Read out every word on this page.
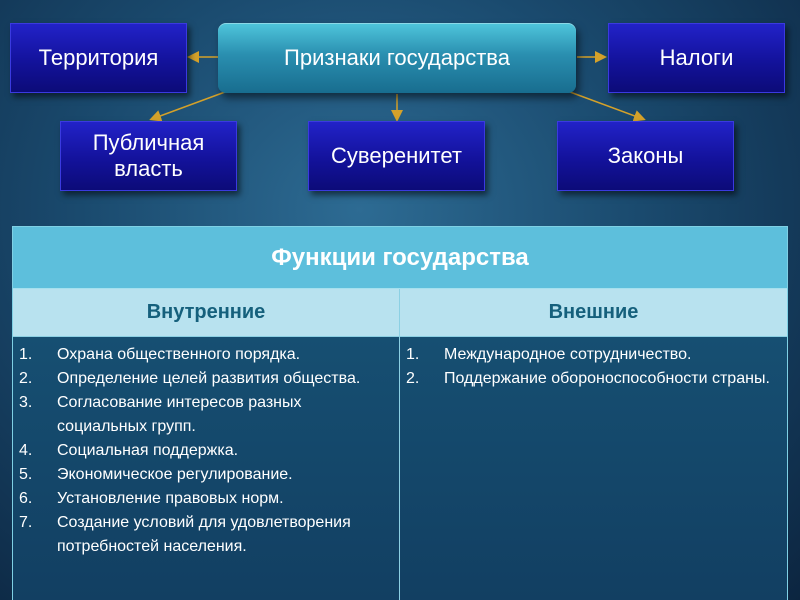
Признаки государства
Территория	Налоги
Публичная
власть
Суверенитет	Законы
Функции государства
Внутренние	Внешние
1.	Охрана общественного порядка.
2.	Определение целей развития общества.
3.	Согласование интересов разных социальных групп.
4.	Социальная поддержка.
5.	Экономическое регулирование.
6.	Установление правовых норм.
7.	Создание условий для удовлетворения потребностей населения.
1.	Международное сотрудничество.
2.	Поддержание обороноспособности страны.
